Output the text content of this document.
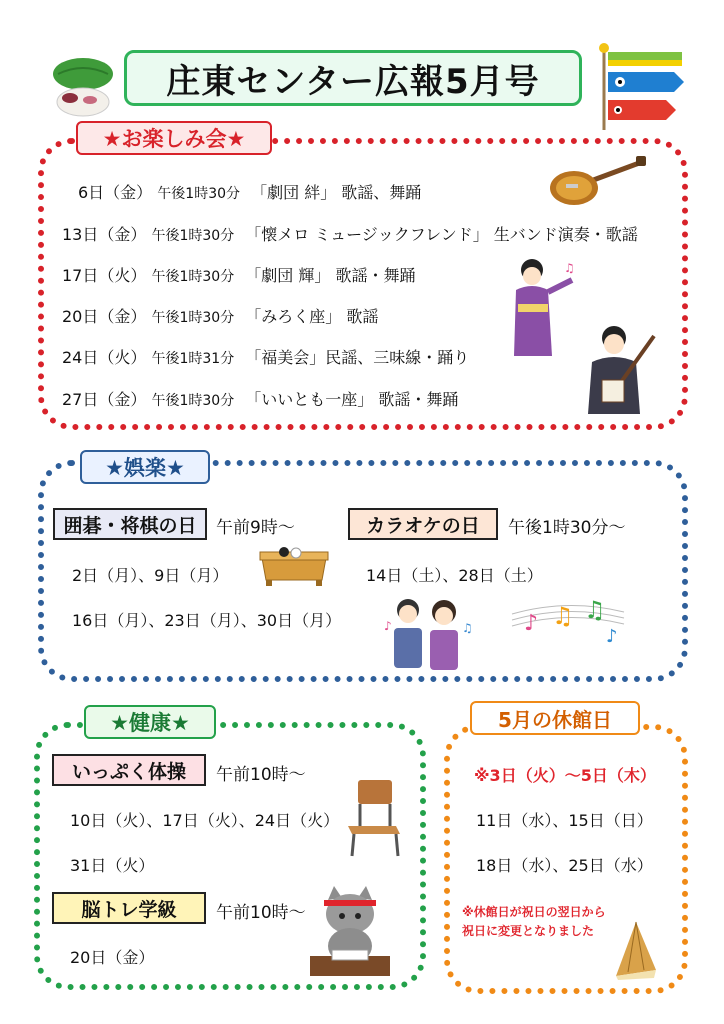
庄東センター広報5月号
★お楽しみ会★
6日（金） 午後1時30分 「劇団 絆」 歌謡、舞踊
13日（金） 午後1時30分 「懐メロ ミュージックフレンド」 生バンド演奏・歌謡
17日（火） 午後1時30分 「劇団 輝」 歌謡・舞踊
20日（金） 午後1時30分 「みろく座」 歌謡
24日（火） 午後1時31分 「福美会」民謡、三味線・踊り
27日（金） 午後1時30分 「いいとも一座」 歌謡・舞踊
♫
★娯楽★
囲碁・将棋の日	午前9時～
2日（月）、9日（月）
16日（月）、23日（月）、30日（月）
カラオケの日	午後1時30分～
14日（土）、28日（土）
♪	♫ ♪ ♫ ♫
♪
★健康★
いっぷく体操	午前10時～
10日（火）、17日（火）、24日（火）
31日（火）
脳トレ学級	午前10時～
20日（金）
5月の休館日
※3日（火）～5日（木）
11日（水）、15日（日）
18日（水）、25日（水）
※休館日が祝日の翌日から
祝日に変更となりました
